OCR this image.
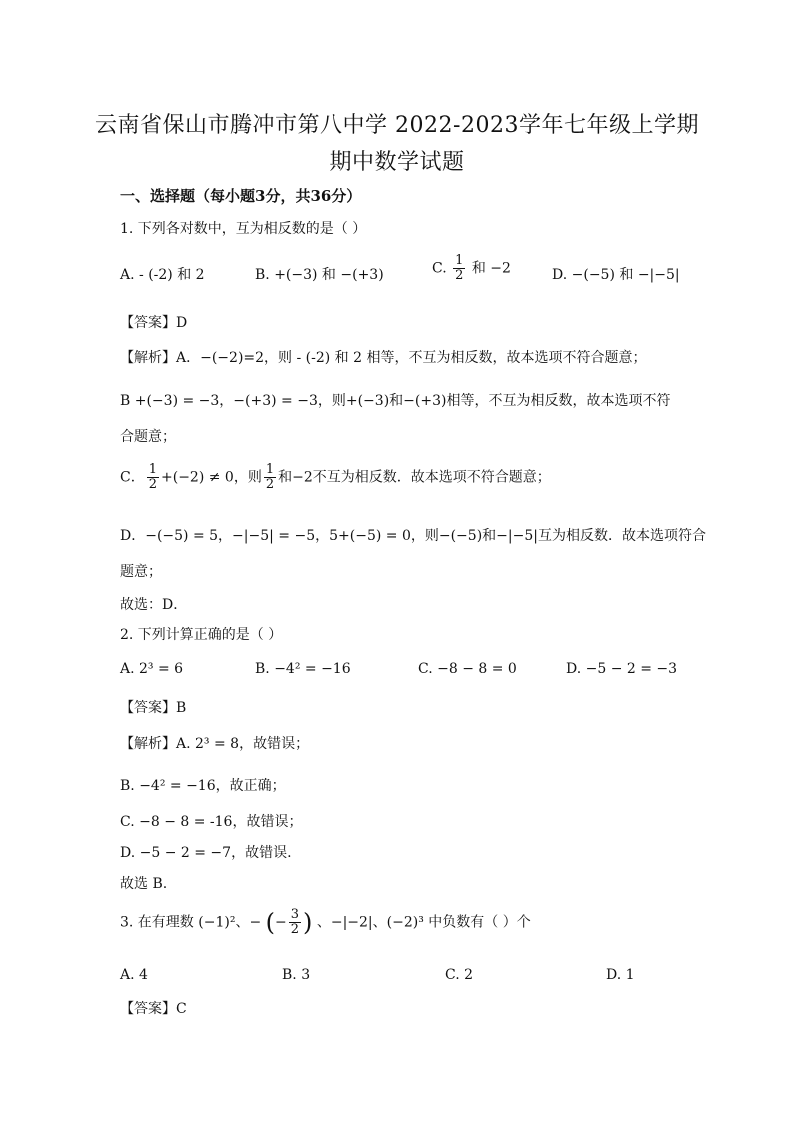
云南省保山市腾冲市第八中学 2022-2023学年七年级上学期
期中数学试题
一、选择题（每小题3分，共36分）
1. 下列各对数中，互为相反数的是（ ）
A. - (-2) 和 2	B. +(−3) 和 −(+3)	C. $\frac{1}{2}$ 和 −2	D. −(−5) 和 −|−5|
【答案】D
【解析】A．−(−2)=2，则 - (-2) 和 2 相等，不互为相反数，故本选项不符合题意；
B +(−3) = −3，−(+3) = −3，则+(−3)和−(+3)相等，不互为相反数，故本选项不符
合题意；
C． $\frac{1}{2} +(-2) \ne 0$，则 $\frac{1}{2}$ 和−2不互为相反数．故本选项不符合题意；
D．−(−5) = 5，−|−5| = −5，5+(−5) = 0，则−(−5)和−|−5|互为相反数．故本选项符合
题意；
故选：D．
2. 下列计算正确的是（ ）
A. 2³ = 6	B. −4² = −16	C. −8 − 8 = 0	D. −5 − 2 = −3
【答案】B
【解析】A. 2³ = 8，故错误；
B. −4² = −16，故正确；
C. −8 − 8 = -16，故错误；
D. −5 − 2 = −7，故错误.
故选 B.
3. 在有理数 (−1)²、− (− $\frac{3}{2}$ ) 、−|−2|、(−2)³ 中负数有（ ）个
A. 4	B. 3	C. 2	D. 1
【答案】C
